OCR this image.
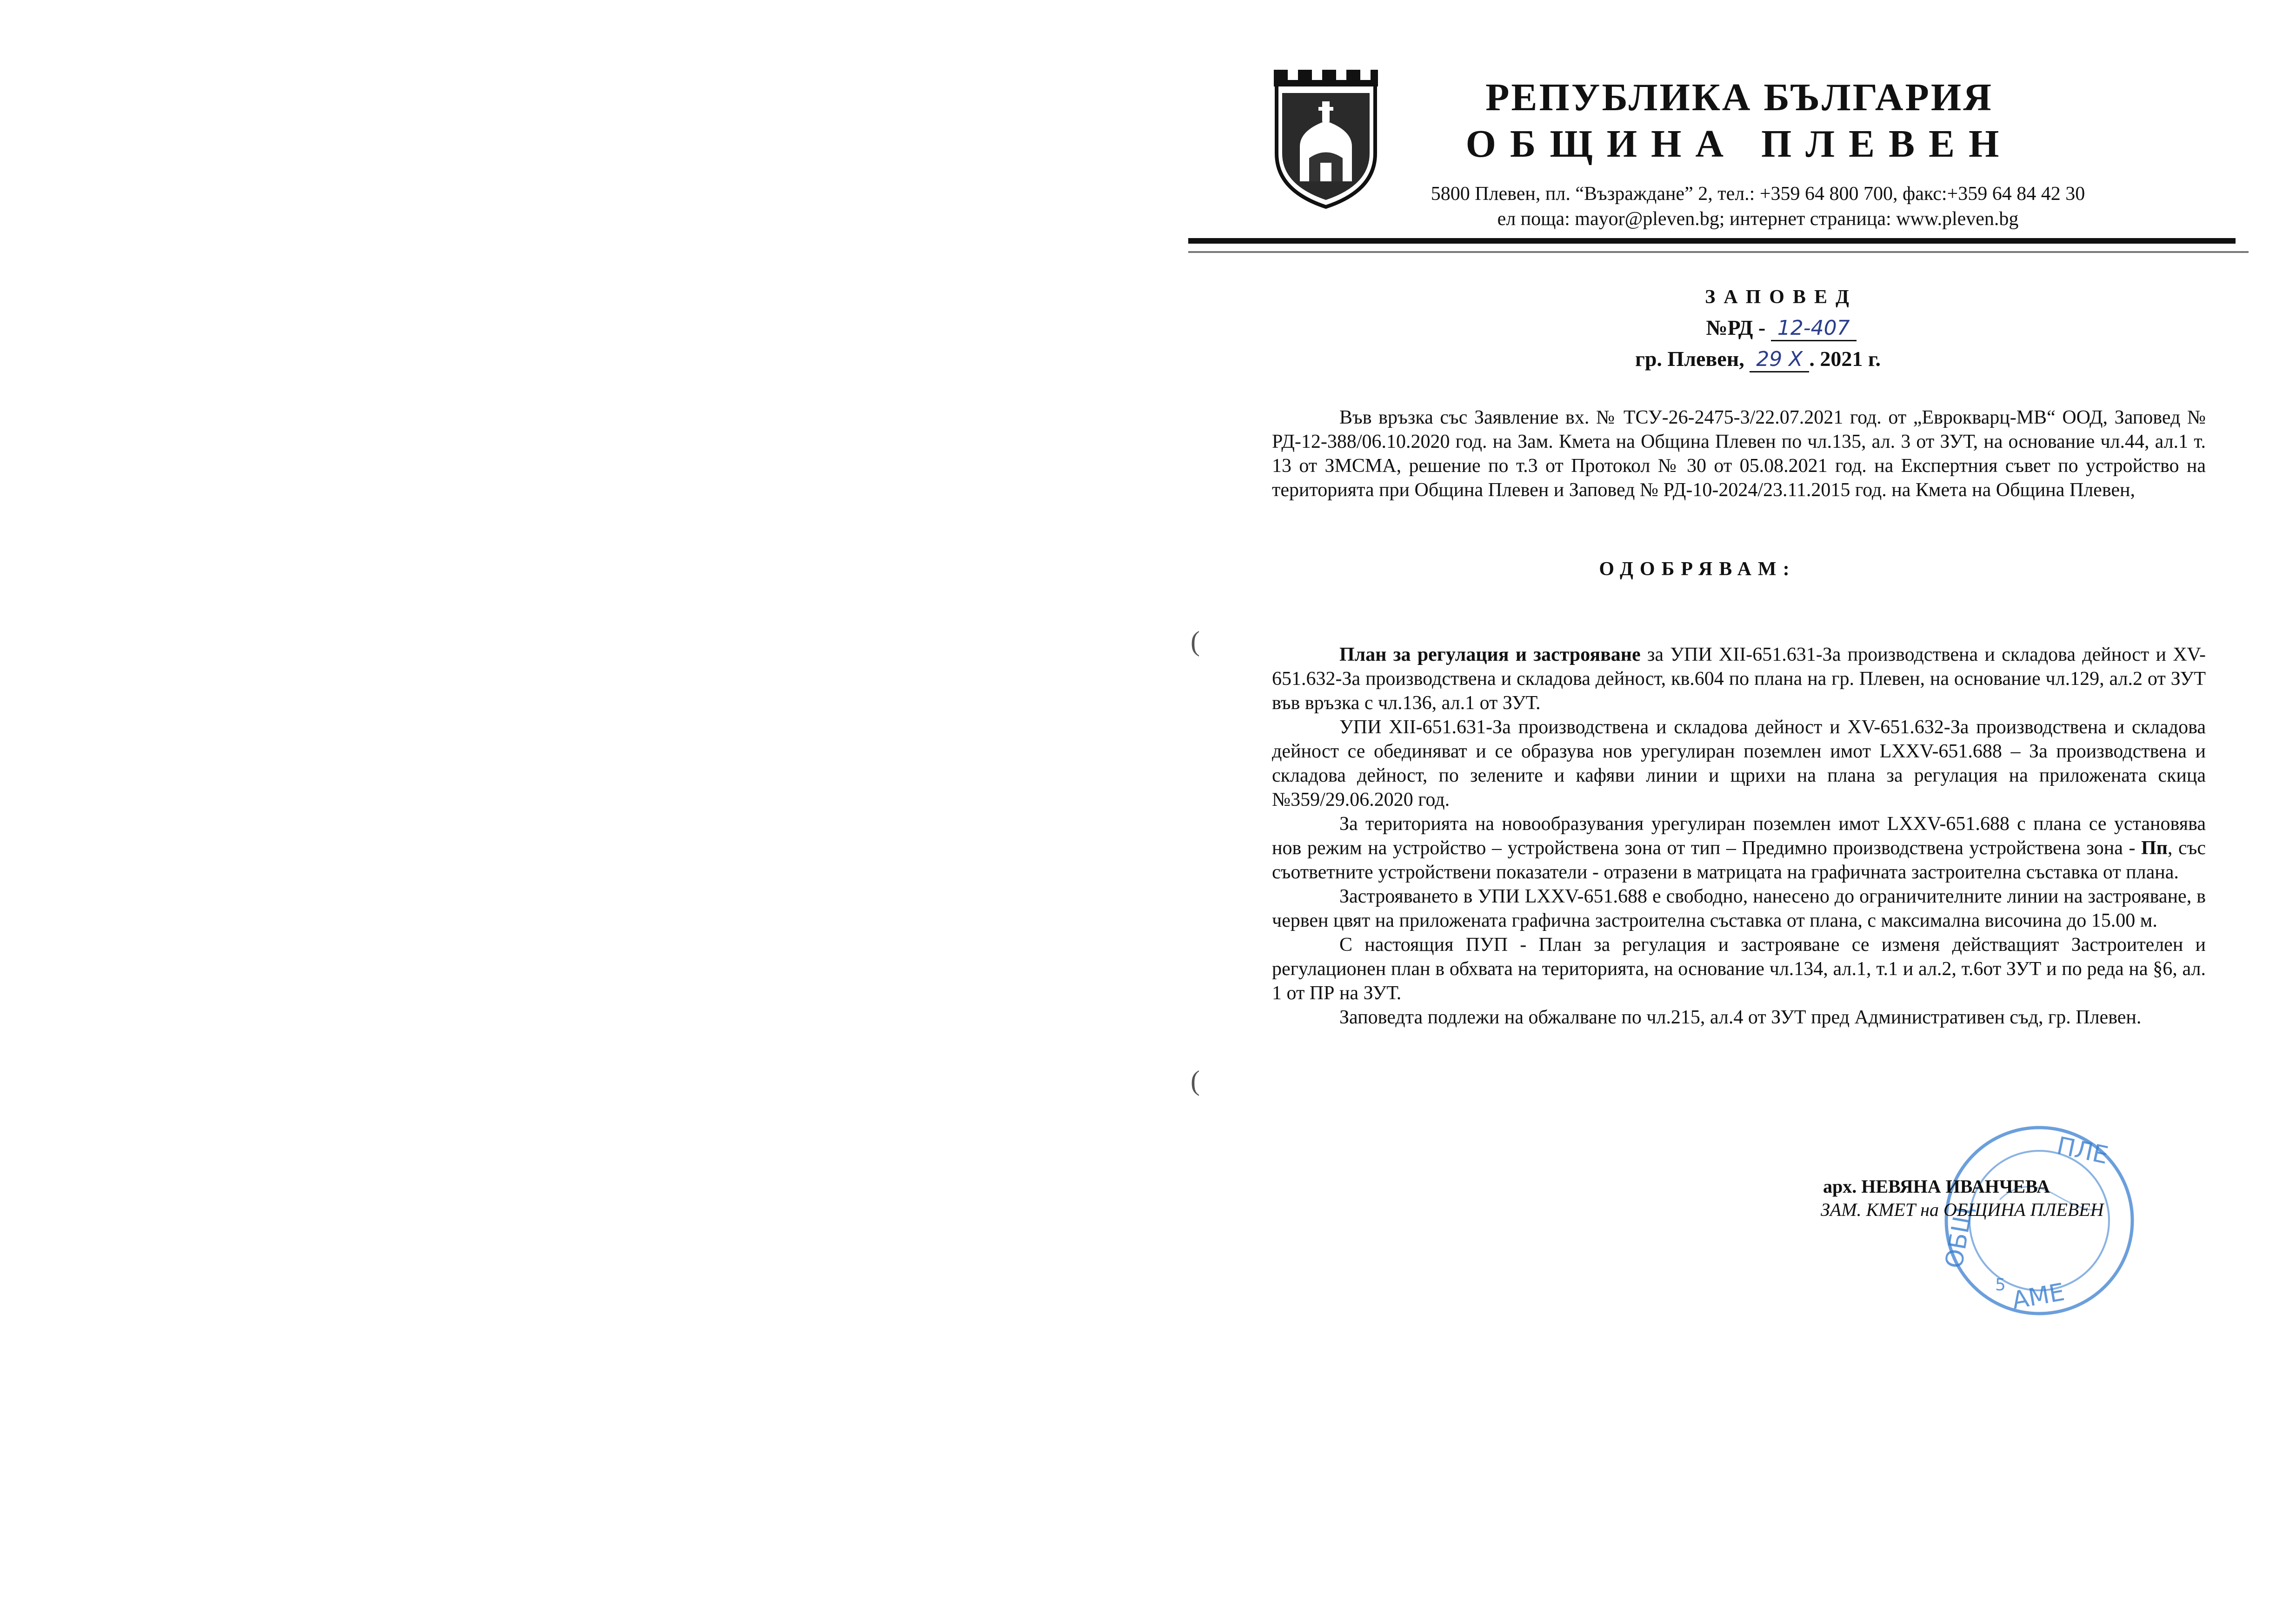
РЕПУБЛИКА БЪЛГАРИЯ
ОБЩИНА ПЛЕВЕН
5800 Плевен, пл. “Възраждане” 2, тел.: +359 64 800 700, факс:+359 64 84 42 30
ел поща: mayor@pleven.bg; интернет страница: www.pleven.bg
ЗАПОВЕД
№РД - 12-407
гр. Плевен, 29 X . 2021 г.
Във връзка със Заявление вх. № ТСУ-26-2475-3/22.07.2021 год. от „Еврокварц-МВ“ ООД, Заповед № РД-12-388/06.10.2020 год. на Зам. Кмета на Община Плевен по чл.135, ал. 3 от ЗУТ, на основание чл.44, ал.1 т. 13 от ЗМСМА, решение по т.3 от Протокол № 30 от 05.08.2021 год. на Експертния съвет по устройство на територията при Община Плевен и Заповед № РД-10-2024/23.11.2015 год. на Кмета на Община Плевен,
ОДОБРЯВАМ:
План за регулация и застрояване за УПИ XII-651.631-За производствена и складова дейност и XV-651.632-За производствена и складова дейност, кв.604 по плана на гр. Плевен, на основание чл.129, ал.2 от ЗУТ във връзка с чл.136, ал.1 от ЗУТ.

УПИ XII-651.631-За производствена и складова дейност и XV-651.632-За производствена и складова дейност се обединяват и се образува нов урегулиран поземлен имот LXXV-651.688 – За производствена и складова дейност, по зелените и кафяви линии и щрихи на плана за регулация на приложената скица №359/29.06.2020 год.

За територията на новообразувания урегулиран поземлен имот LXXV-651.688 с плана се установява нов режим на устройство – устройствена зона от тип – Предимно производствена устройствена зона - Пп, със съответните устройствени показатели - отразени в матрицата на графичната застроителна съставка от плана.

Застрояването в УПИ LXXV-651.688 е свободно, нанесено до ограничителните линии на застрояване, в червен цвят на приложената графична застроителна съставка от плана, с максимална височина до 15.00 м.

С настоящия ПУП - План за регулация и застрояване се изменя действащият Застроителен и регулационен план в обхвата на територията, на основание чл.134, ал.1, т.1 и ал.2, т.6от ЗУТ и по реда на §6, ал. 1 от ПР на ЗУТ.

Заповедта подлежи на обжалване по чл.215, ал.4 от ЗУТ пред Административен съд, гр. Плевен.

ПЛЕ
ОБЩ
АМЕ
5
арх. НЕВЯНА ИВАНЧЕВА
ЗАМ. КМЕТ на ОБЩИНА ПЛЕВЕН
(
(
